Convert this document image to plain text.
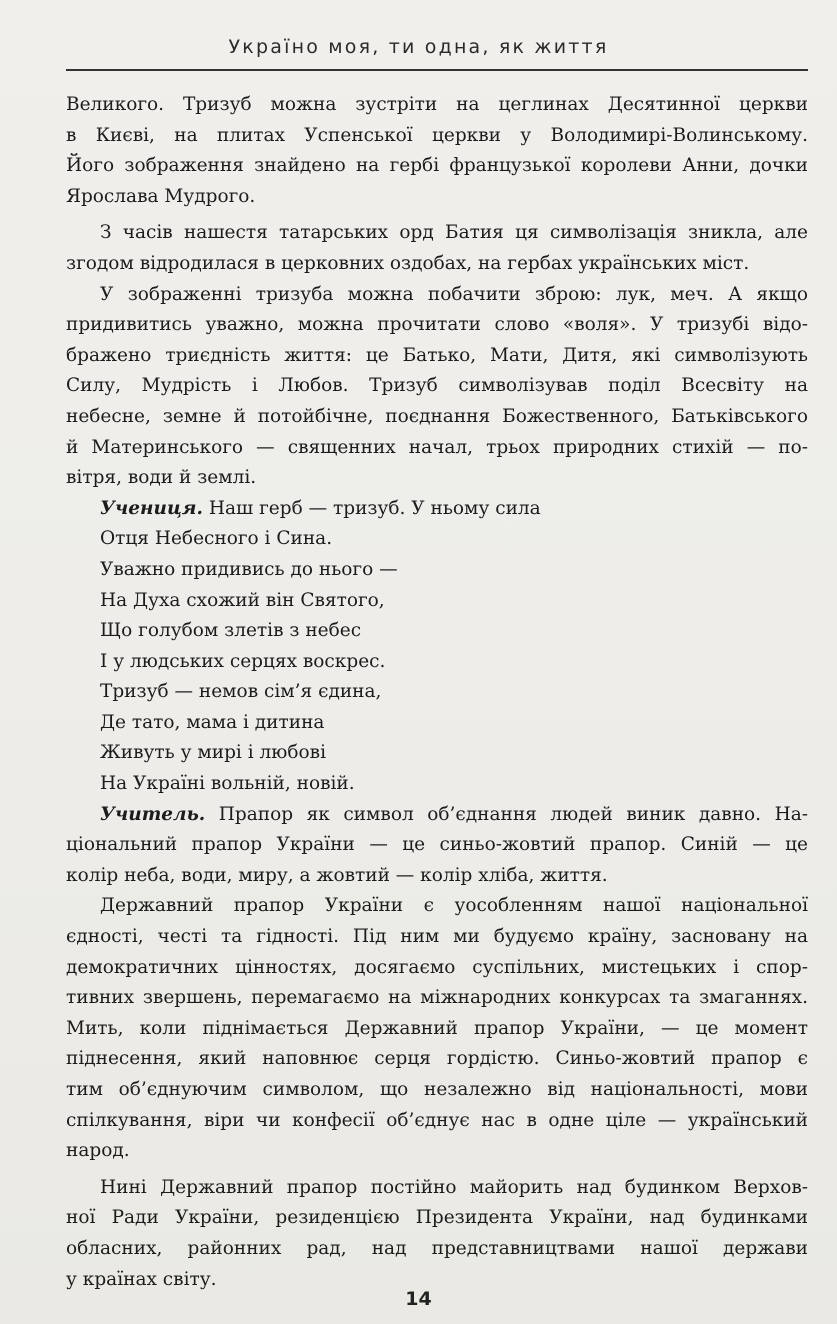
Україно моя, ти одна, як життя
Великого. Тризуб можна зустріти на цеглинах Десятинної церкви
в Києві, на плитах Успенської церкви у Володимирі-Волинському.
Його зображення знайдено на гербі французької королеви Анни, дочки
Ярослава Мудрого.
З часів нашестя татарських орд Батия ця символізація зникла, але
згодом відродилася в церковних оздобах, на гербах українських міст.
У зображенні тризуба можна побачити зброю: лук, меч. А якщо
придивитись уважно, можна прочитати слово «воля». У тризубі відо-
бражено триєдність життя: це Батько, Мати, Дитя, які символізують
Силу, Мудрість і Любов. Тризуб символізував поділ Всесвіту на
небесне, земне й потойбічне, поєднання Божественного, Батьківського
й Материнського — священних начал, трьох природних стихій — по-
вітря, води й землі.
Учениця. Наш герб — тризуб. У ньому сила
Отця Небесного і Сина.
Уважно придивись до нього —
На Духа схожий він Святого,
Що голубом злетів з небес
І у людських серцях воскрес.
Тризуб — немов сім’я єдина,
Де тато, мама і дитина
Живуть у мирі і любові
На Україні вольній, новій.
Учитель. Прапор як символ об’єднання людей виник давно. На-
ціональний прапор України — це синьо-жовтий прапор. Синій — це
колір неба, води, миру, а жовтий — колір хліба, життя.
Державний прапор України є уособленням нашої національної
єдності, честі та гідності. Під ним ми будуємо країну, засновану на
демократичних цінностях, досягаємо суспільних, мистецьких і спор-
тивних звершень, перемагаємо на міжнародних конкурсах та змаганнях.
Мить, коли піднімається Державний прапор України, — це момент
піднесення, який наповнює серця гордістю. Синьо-жовтий прапор є
тим об’єднуючим символом, що незалежно від національності, мови
спілкування, віри чи конфесії об’єднує нас в одне ціле — український
народ.
Нині Державний прапор постійно майорить над будинком Верхов-
ної Ради України, резиденцією Президента України, над будинками
обласних, районних рад, над представництвами нашої держави
у країнах світу.
14
